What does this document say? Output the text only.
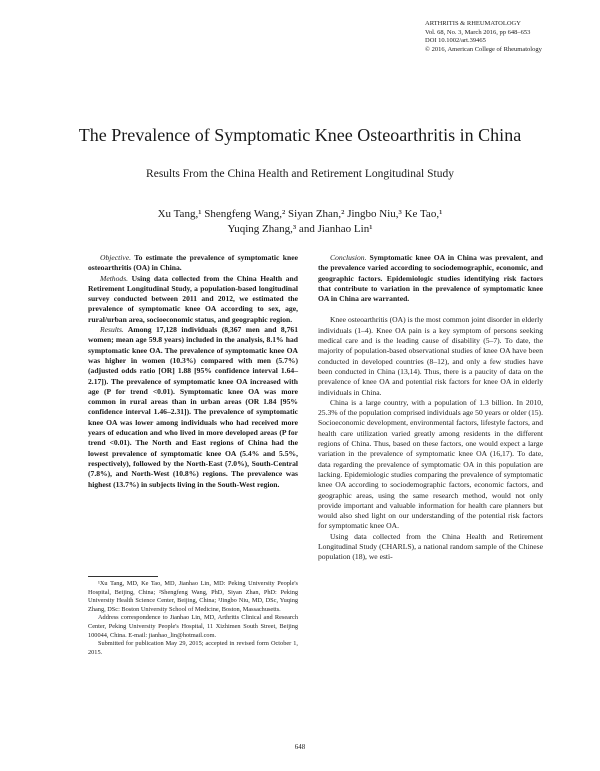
ARTHRITIS & RHEUMATOLOGY
Vol. 68, No. 3, March 2016, pp 648–653
DOI 10.1002/art.39465
© 2016, American College of Rheumatology
The Prevalence of Symptomatic Knee Osteoarthritis in China
Results From the China Health and Retirement Longitudinal Study
Xu Tang,¹ Shengfeng Wang,² Siyan Zhan,² Jingbo Niu,³ Ke Tao,¹
Yuqing Zhang,³ and Jianhao Lin¹

Objective. To estimate the prevalence of symptomatic knee osteoarthritis (OA) in China.

Methods. Using data collected from the China Health and Retirement Longitudinal Study, a population-based longitudinal survey conducted between 2011 and 2012, we estimated the prevalence of symptomatic knee OA according to sex, age, rural/urban area, socioeconomic status, and geographic region.

Results. Among 17,128 individuals (8,367 men and 8,761 women; mean age 59.8 years) included in the analysis, 8.1% had symptomatic knee OA. The prevalence of symptomatic knee OA was higher in women (10.3%) compared with men (5.7%) (adjusted odds ratio [OR] 1.88 [95% confidence interval 1.64–2.17]). The prevalence of symptomatic knee OA increased with age (P for trend <0.01). Symptomatic knee OA was more common in rural areas than in urban areas (OR 1.84 [95% confidence interval 1.46–2.31]). The prevalence of symptomatic knee OA was lower among individuals who had received more years of education and who lived in more developed areas (P for trend <0.01). The North and East regions of China had the lowest prevalence of symptomatic knee OA (5.4% and 5.5%, respectively), followed by the North-East (7.0%), South-Central (7.8%), and North-West (10.8%) regions. The prevalence was highest (13.7%) in subjects living in the South-West region.

¹Xu Tang, MD, Ke Tao, MD, Jianhao Lin, MD: Peking University People's Hospital, Beijing, China; ²Shengfeng Wang, PhD, Siyan Zhan, PhD: Peking University Health Science Center, Beijing, China; ³Jingbo Niu, MD, DSc, Yuqing Zhang, DSc: Boston University School of Medicine, Boston, Massachusetts.

Address correspondence to Jianhao Lin, MD, Arthritis Clinical and Research Center, Peking University People's Hospital, 11 Xizhimen South Street, Beijing 100044, China. E-mail: jianhao_lin@hotmail.com.

Submitted for publication May 29, 2015; accepted in revised form October 1, 2015.

Conclusion. Symptomatic knee OA in China was prevalent, and the prevalence varied according to sociodemographic, economic, and geographic factors. Epidemiologic studies identifying risk factors that contribute to variation in the prevalence of symptomatic knee OA in China are warranted.

Knee osteoarthritis (OA) is the most common joint disorder in elderly individuals (1–4). Knee OA pain is a key symptom of persons seeking medical care and is the leading cause of disability (5–7). To date, the majority of population-based observational studies of knee OA have been conducted in developed countries (8–12), and only a few studies have been conducted in China (13,14). Thus, there is a paucity of data on the prevalence of knee OA and potential risk factors for knee OA in elderly individuals in China.

China is a large country, with a population of 1.3 billion. In 2010, 25.3% of the population comprised individuals age 50 years or older (15). Socioeconomic development, environmental factors, lifestyle factors, and health care utilization varied greatly among residents in the different regions of China. Thus, based on these factors, one would expect a large variation in the prevalence of symptomatic knee OA (16,17). To date, data regarding the prevalence of symptomatic OA in this population are lacking. Epidemiologic studies comparing the prevalence of symptomatic knee OA according to sociodemographic factors, economic factors, and geographic areas, using the same research method, would not only provide important and valuable information for health care planners but would also shed light on our understanding of the potential risk factors for symptomatic knee OA.

Using data collected from the China Health and Retirement Longitudinal Study (CHARLS), a national random sample of the Chinese population (18), we esti-

648
